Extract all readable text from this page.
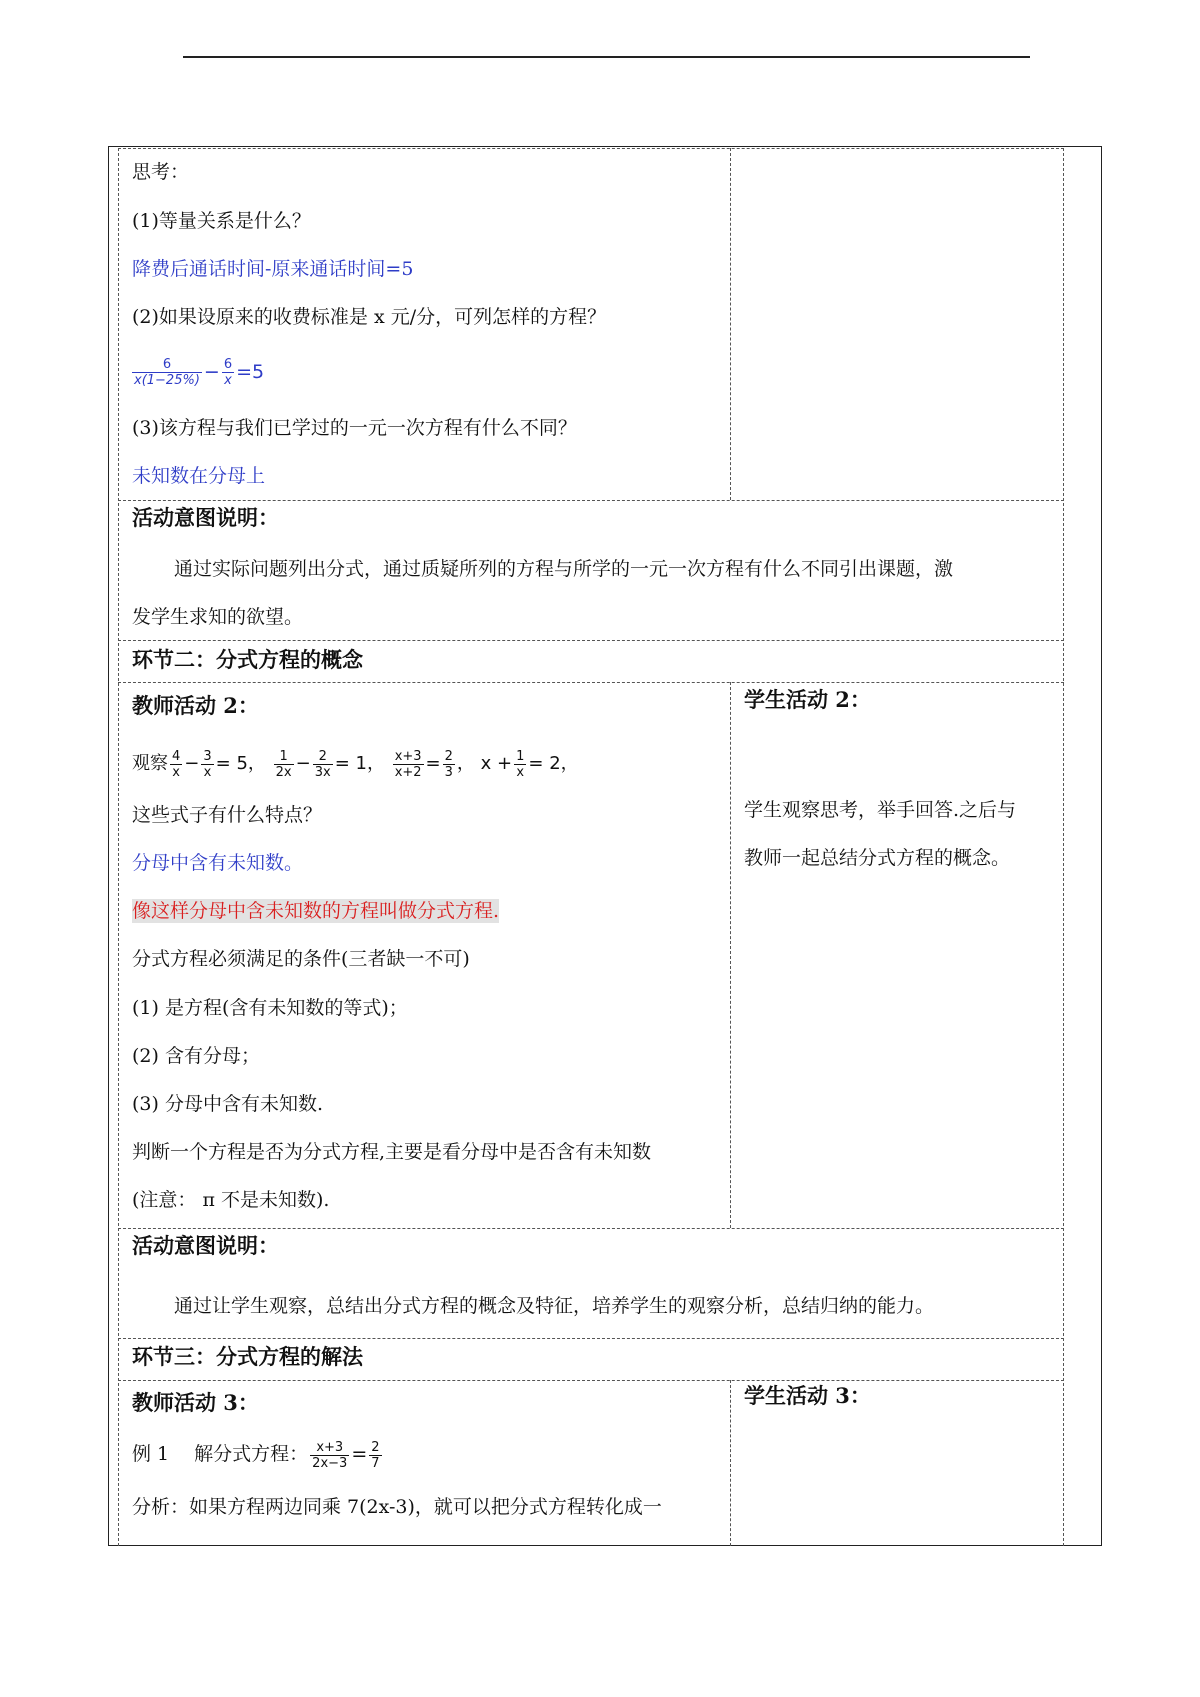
思考：
(1)等量关系是什么？
降费后通话时间-原来通话时间=5
(2)如果设原来的收费标准是 x 元/分，可列怎样的方程？
$\frac{6}{x(1-25\%)} - \frac{6}{x} =5$
(3)该方程与我们已学过的一元一次方程有什么不同？
未知数在分母上
活动意图说明：
通过实际问题列出分式，通过质疑所列的方程与所学的一元一次方程有什么不同引出课题，激
发学生求知的欲望。
环节二：分式方程的概念
教师活动 2：
观察 $\frac{4}{x} - \frac{3}{x} = 5$， $\frac{1}{2x} - \frac{2}{3x} = 1$， $\frac{x+3}{x+2} = \frac{2}{3}$ ， $x + \frac{1}{x} = 2$，
这些式子有什么特点？
分母中含有未知数。
像这样分母中含未知数的方程叫做分式方程.
分式方程必须满足的条件(三者缺一不可)
(1) 是方程(含有未知数的等式)；
(2) 含有分母；
(3) 分母中含有未知数.
判断一个方程是否为分式方程,主要是看分母中是否含有未知数
(注意： π 不是未知数).
学生活动 2：
学生观察思考，举手回答.之后与
教师一起总结分式方程的概念。
活动意图说明：
通过让学生观察，总结出分式方程的概念及特征，培养学生的观察分析，总结归纳的能力。
环节三：分式方程的解法
教师活动 3：
例 1　 解分式方程： $\frac{x+3}{2x-3} = \frac{2}{7}$
分析：如果方程两边同乘 7(2x-3)，就可以把分式方程转化成一
学生活动 3：
